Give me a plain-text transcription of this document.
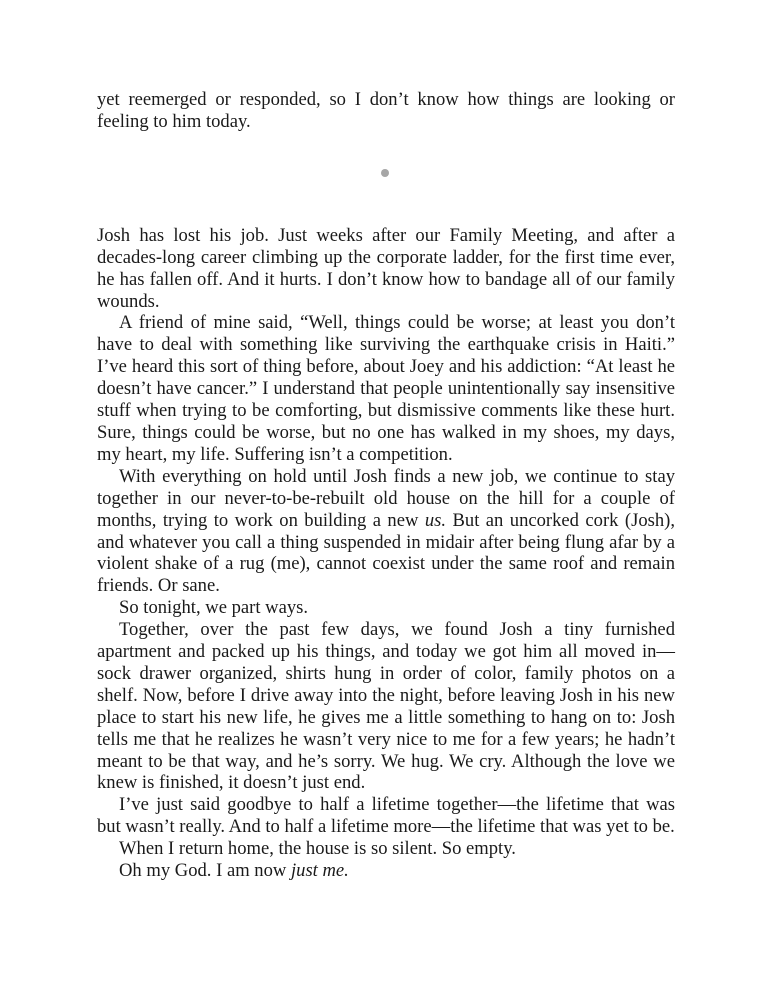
yet reemerged or responded, so I don’t know how things are looking or feeling to him today.

Josh has lost his job. Just weeks after our Family Meeting, and after a decades-long career climbing up the corporate ladder, for the first time ever, he has fallen off. And it hurts. I don’t know how to bandage all of our family wounds.

A friend of mine said, “Well, things could be worse; at least you don’t have to deal with something like surviving the earthquake crisis in Haiti.” I’ve heard this sort of thing before, about Joey and his addiction: “At least he doesn’t have cancer.” I understand that people unintentionally say insensitive stuff when trying to be comforting, but dismissive comments like these hurt. Sure, things could be worse, but no one has walked in my shoes, my days, my heart, my life. Suffering isn’t a competition.

With everything on hold until Josh finds a new job, we continue to stay together in our never-to-be-rebuilt old house on the hill for a couple of months, trying to work on building a new us. But an uncorked cork (Josh), and whatever you call a thing suspended in midair after being flung afar by a violent shake of a rug (me), cannot coexist under the same roof and remain friends. Or sane.

So tonight, we part ways.

Together, over the past few days, we found Josh a tiny furnished apartment and packed up his things, and today we got him all moved in—sock drawer organized, shirts hung in order of color, family photos on a shelf. Now, before I drive away into the night, before leaving Josh in his new place to start his new life, he gives me a little something to hang on to: Josh tells me that he realizes he wasn’t very nice to me for a few years; he hadn’t meant to be that way, and he’s sorry. We hug. We cry. Although the love we knew is finished, it doesn’t just end.

I’ve just said goodbye to half a lifetime together—the lifetime that was but wasn’t really. And to half a lifetime more—the lifetime that was yet to be.

When I return home, the house is so silent. So empty.

Oh my God. I am now just me.
